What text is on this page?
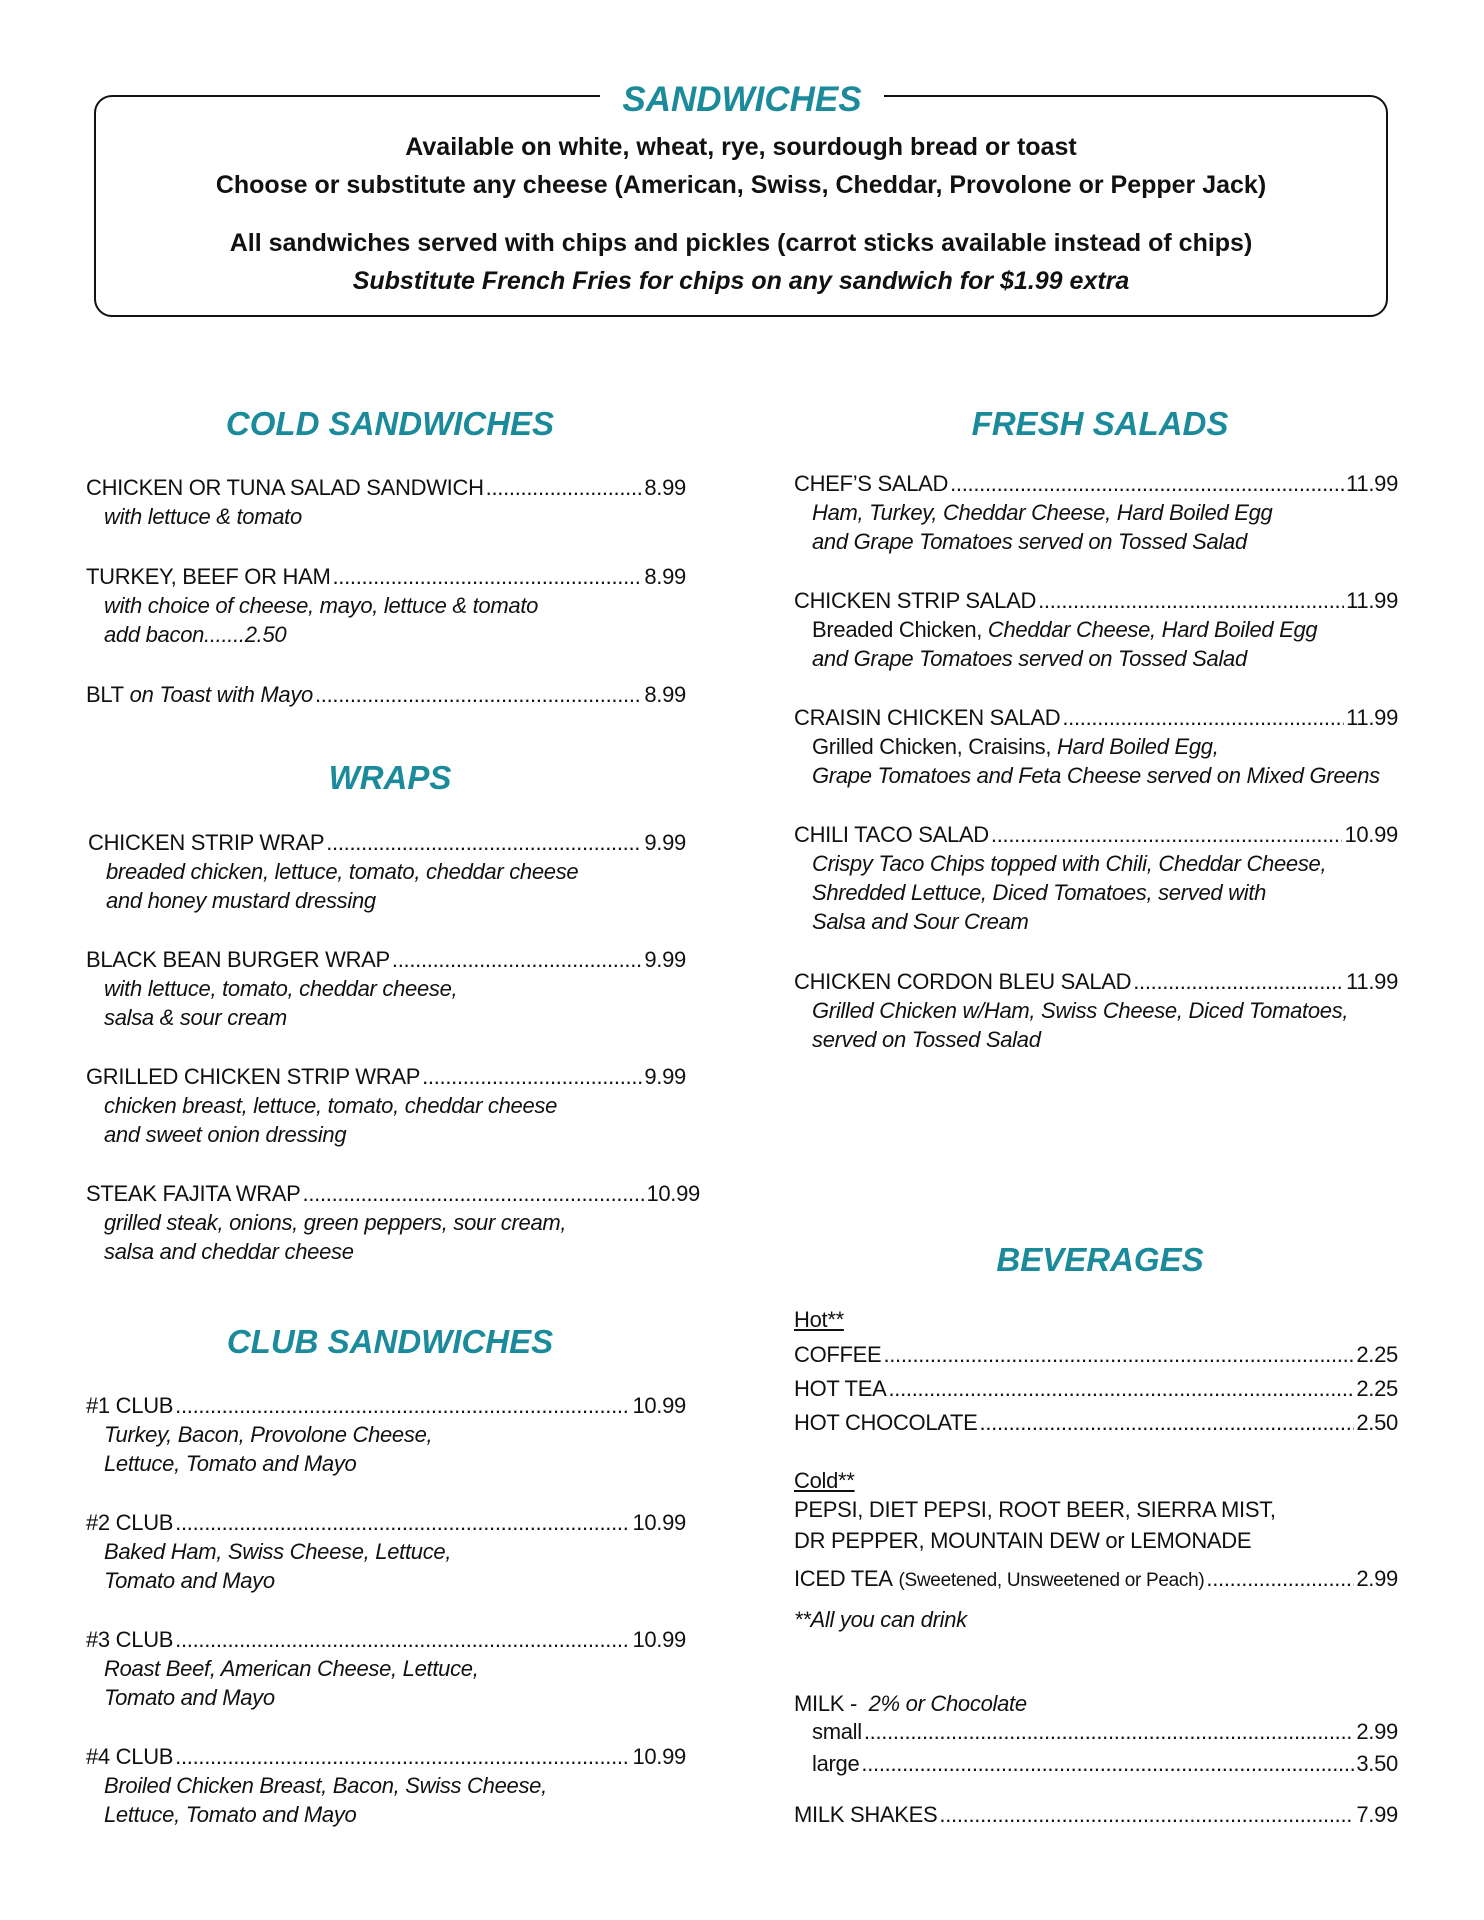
SANDWICHES
Available on white, wheat, rye, sourdough bread or toast
Choose or substitute any cheese (American, Swiss, Cheddar, Provolone or Pepper Jack)
All sandwiches served with chips and pickles (carrot sticks available instead of chips)
Substitute French Fries for chips on any sandwich for $1.99 extra
COLD SANDWICHES
CHICKEN OR TUNA SALAD SANDWICH .....	8.99
with lettuce & tomato
TURKEY, BEEF OR HAM .....	8.99
with choice of cheese, mayo, lettuce & tomato
add bacon.......2.50
BLT
on Toast with Mayo .....	8.99
WRAPS
CHICKEN STRIP WRAP .....	9.99
breaded chicken, lettuce, tomato, cheddar cheese
and honey mustard dressing
BLACK BEAN BURGER WRAP .....	9.99
with lettuce, tomato, cheddar cheese,
salsa & sour cream
GRILLED CHICKEN STRIP WRAP .....	9.99
chicken breast, lettuce, tomato, cheddar cheese
and sweet onion dressing
STEAK FAJITA WRAP .....	10.99
grilled steak, onions, green peppers, sour cream,
salsa and cheddar cheese
CLUB SANDWICHES
#1 CLUB .....	10.99
Turkey, Bacon, Provolone Cheese,
Lettuce, Tomato and Mayo
#2 CLUB .....	10.99
Baked Ham, Swiss Cheese, Lettuce,
Tomato and Mayo
#3 CLUB .....	10.99
Roast Beef, American Cheese, Lettuce,
Tomato and Mayo
#4 CLUB .....	10.99
Broiled Chicken Breast, Bacon, Swiss Cheese,
Lettuce, Tomato and Mayo
FRESH SALADS
CHEF’S SALAD .....	11.99
Ham, Turkey, Cheddar Cheese, Hard Boiled Egg
and Grape Tomatoes served on Tossed Salad
CHICKEN STRIP SALAD .....	11.99
Breaded Chicken, Cheddar Cheese, Hard Boiled Egg
and Grape Tomatoes served on Tossed Salad
CRAISIN CHICKEN SALAD .....	11.99
Grilled Chicken, Craisins, Hard Boiled Egg,
Grape Tomatoes and Feta Cheese served on Mixed Greens
CHILI TACO SALAD .....	10.99
Crispy Taco Chips topped with Chili, Cheddar Cheese,
Shredded Lettuce, Diced Tomatoes, served with
Salsa and Sour Cream
CHICKEN CORDON BLEU SALAD .....	11.99
Grilled Chicken w/Ham, Swiss Cheese, Diced Tomatoes,
served on Tossed Salad
BEVERAGES
Hot**
COFFEE .....	2.25
HOT TEA .....	2.25
HOT CHOCOLATE .....	2.50
Cold**
PEPSI, DIET PEPSI, ROOT BEER, SIERRA MIST,
DR PEPPER, MOUNTAIN DEW or LEMONADE
ICED TEA
(Sweetened, Unsweetened or Peach) .....	2.99
**All you can drink
MILK - 2% or Chocolate
small .....	2.99
large .....	3.50
MILK SHAKES .....	7.99
